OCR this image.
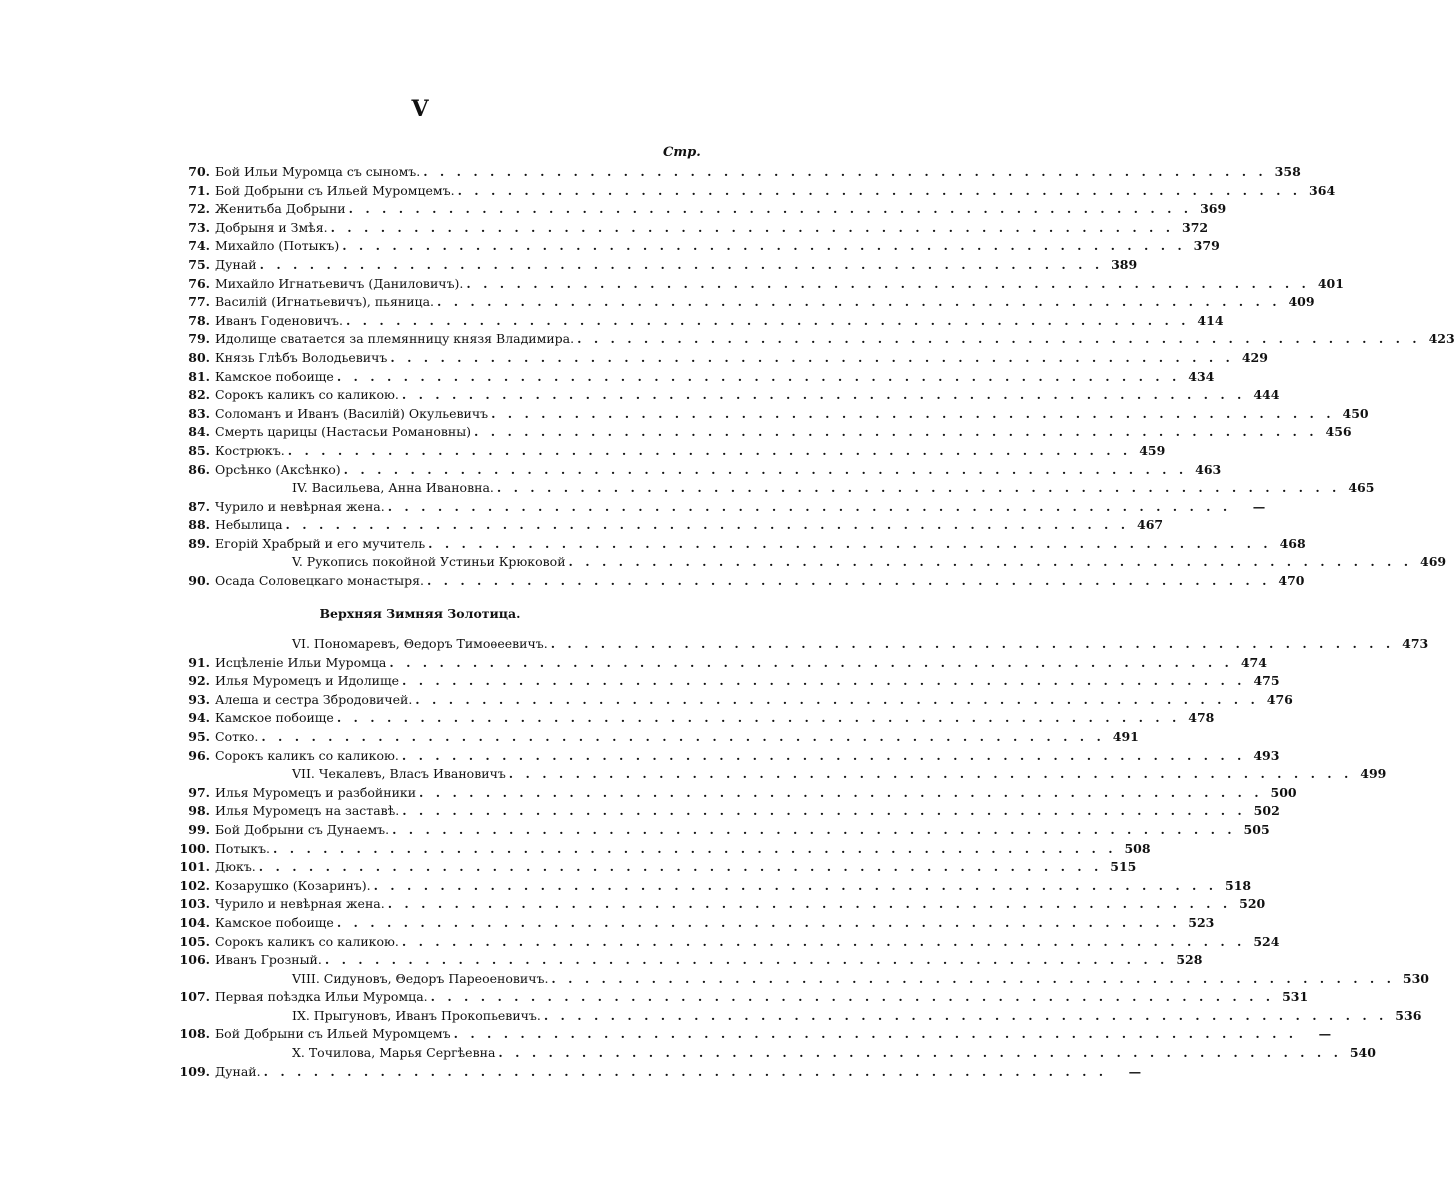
V
Стр.
70. Бой Ильи Муромца съ сыномъ. . . .	358
71. Бой Добрыни съ Ильей Муромцемъ. . . .	364
72. Женитьба Добрыни . . .	369
73. Добрыня и Змѣя. . . .	372
74. Михайло (Потыкъ) . . .	379
75. Дунай . . .	389
76. Михайло Игнатьевичъ (Даниловичъ). . . .	401
77. Василій (Игнатьевичъ), пьяница. . . .	409
78. Иванъ Годеновичъ. . . .	414
79. Идолище сватается за племянницу князя Владимира. . . .	423
80. Князь Глѣбъ Володьевичъ . . .	429
81. Камское побоище . . .	434
82. Сорокъ каликъ со каликою. . . .	444
83. Соломанъ и Иванъ (Василій) Окульевичъ . . .	450
84. Смерть царицы (Настасьи Романовны) . . .	456
85. Кострюкъ. . . .	459
86. Орсѣнко (Аксѣнко) . . .	463
IV. Васильева, Анна Ивановна. . . .	465
87. Чурило и невѣрная жена. . . .	—
88. Небылица . . .	467
89. Егорій Храбрый и его мучитель . . .	468
V. Рукопись покойной Устиньи Крюковой . . .	469
90. Осада Соловецкаго монастыря. . . .	470
Верхняя Зимняя Золотица.
VI. Пономаревъ, Θедоръ Тимоѳеевичъ. . . .	473
91. Исцѣленіе Ильи Муромца . . .	474
92. Илья Муромецъ и Идолище . . .	475
93. Алеша и сестра Збродовичей. . . .	476
94. Камское побоище . . .	478
95. Сотко. . . .	491
96. Сорокъ каликъ со каликою. . . .	493
VII. Чекалевъ, Власъ Ивановичъ . . .	499
97. Илья Муромецъ и разбойники . . .	500
98. Илья Муромецъ на заставѣ. . . .	502
99. Бой Добрыни съ Дунаемъ. . . .	505
100. Потыкъ. . . .	508
101. Дюкъ. . . .	515
102. Козарушко (Козаринъ). . . .	518
103. Чурило и невѣрная жена. . . .	520
104. Камское побоище . . .	523
105. Сорокъ каликъ со каликою. . . .	524
106. Иванъ Грозный. . . .	528
VIII. Сидуновъ, Θедоръ Пареоеновичъ. . . .	530
107. Первая поѣздка Ильи Муромца. . . .	531
IX. Прыгуновъ, Иванъ Прокопьевичъ. . . .	536
108. Бой Добрыни съ Ильей Муромцемъ . . .	—
X. Точилова, Марья Сергѣевна . . .	540
109. Дунай. . . .	—
